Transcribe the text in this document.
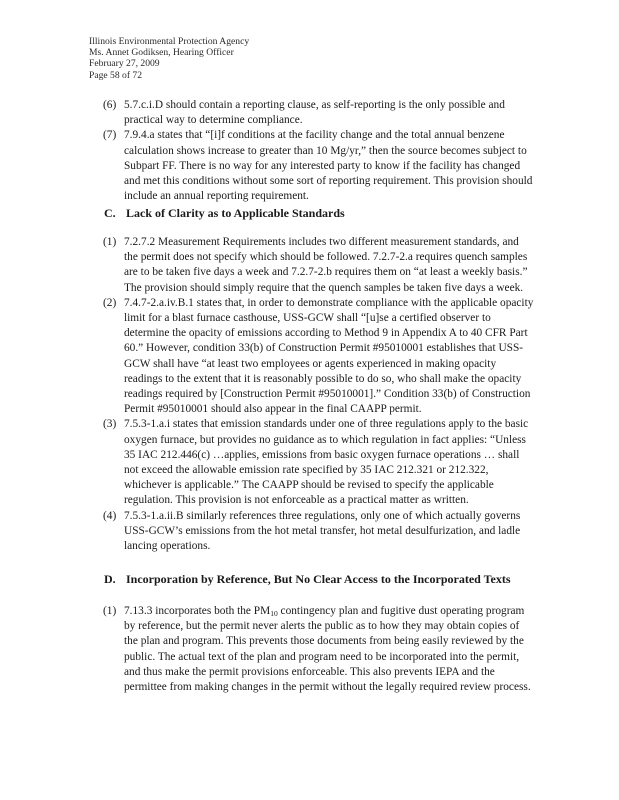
Illinois Environmental Protection Agency
Ms. Annet Godiksen, Hearing Officer
February 27, 2009
Page 58 of 72
(6) 5.7.c.i.D should contain a reporting clause, as self-reporting is the only possible and practical way to determine compliance.
(7) 7.9.4.a states that “[i]f conditions at the facility change and the total annual benzene calculation shows increase to greater than 10 Mg/yr,” then the source becomes subject to Subpart FF. There is no way for any interested party to know if the facility has changed and met this conditions without some sort of reporting requirement. This provision should include an annual reporting requirement.
C. Lack of Clarity as to Applicable Standards
(1) 7.2.7.2 Measurement Requirements includes two different measurement standards, and the permit does not specify which should be followed. 7.2.7-2.a requires quench samples are to be taken five days a week and 7.2.7-2.b requires them on “at least a weekly basis.” The provision should simply require that the quench samples be taken five days a week.
(2) 7.4.7-2.a.iv.B.1 states that, in order to demonstrate compliance with the applicable opacity limit for a blast furnace casthouse, USS-GCW shall “[u]se a certified observer to determine the opacity of emissions according to Method 9 in Appendix A to 40 CFR Part 60.” However, condition 33(b) of Construction Permit #95010001 establishes that USS-GCW shall have “at least two employees or agents experienced in making opacity readings to the extent that it is reasonably possible to do so, who shall make the opacity readings required by [Construction Permit #95010001].” Condition 33(b) of Construction Permit #95010001 should also appear in the final CAAPP permit.
(3) 7.5.3-1.a.i states that emission standards under one of three regulations apply to the basic oxygen furnace, but provides no guidance as to which regulation in fact applies: “Unless 35 IAC 212.446(c) …applies, emissions from basic oxygen furnace operations … shall not exceed the allowable emission rate specified by 35 IAC 212.321 or 212.322, whichever is applicable.” The CAAPP should be revised to specify the applicable regulation. This provision is not enforceable as a practical matter as written.
(4) 7.5.3-1.a.ii.B similarly references three regulations, only one of which actually governs USS-GCW’s emissions from the hot metal transfer, hot metal desulfurization, and ladle lancing operations.
D. Incorporation by Reference, But No Clear Access to the Incorporated Texts
(1) 7.13.3 incorporates both the $PM_{10}$ contingency plan and fugitive dust operating program by reference, but the permit never alerts the public as to how they may obtain copies of the plan and program. This prevents those documents from being easily reviewed by the public. The actual text of the plan and program need to be incorporated into the permit, and thus make the permit provisions enforceable. This also prevents IEPA and the permittee from making changes in the permit without the legally required review process.
